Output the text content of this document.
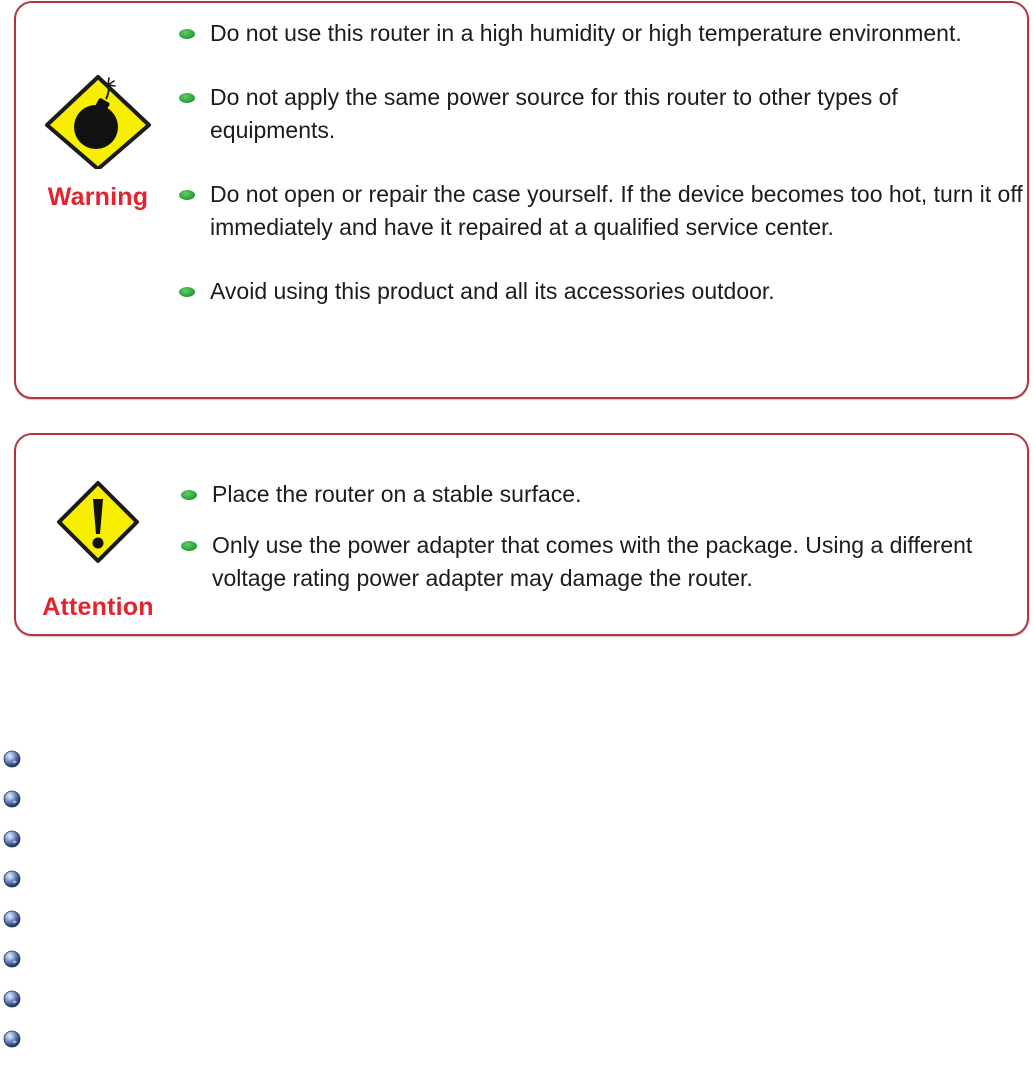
Warning
Do not use this router in a high humidity or high temperature environment.
Do not apply the same power source for this router to other types of equipments.
Do not open or repair the case yourself. If the device becomes too hot, turn it off immediately and have it repaired at a qualified service center.
Avoid using this product and all its accessories outdoor.
Attention
Place the router on a stable surface.
Only use the power adapter that comes with the package. Using a different voltage rating power adapter may damage the router.
